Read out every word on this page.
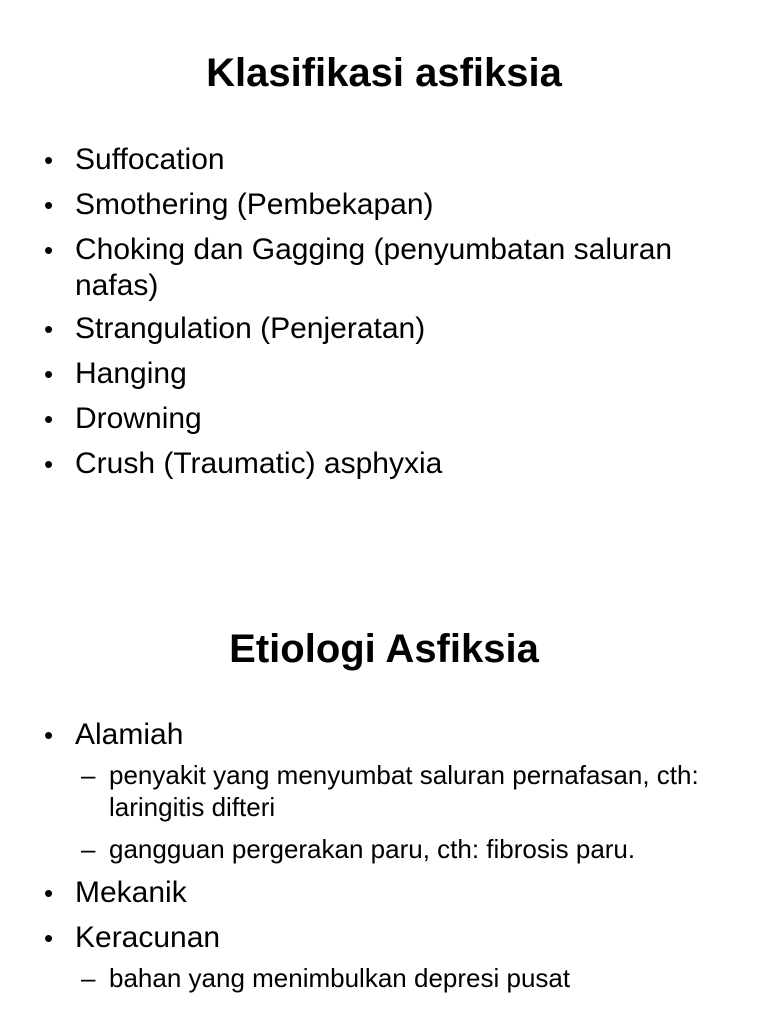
Klasifikasi asfiksia
• Suffocation
• Smothering (Pembekapan)
• Choking dan Gagging (penyumbatan saluran nafas)
• Strangulation (Penjeratan)
• Hanging
• Drowning
• Crush (Traumatic) asphyxia
Etiologi Asfiksia
• Alamiah
– penyakit yang menyumbat saluran pernafasan, cth: laringitis difteri
– gangguan pergerakan paru, cth: fibrosis paru.
• Mekanik
• Keracunan
– bahan yang menimbulkan depresi pusat
